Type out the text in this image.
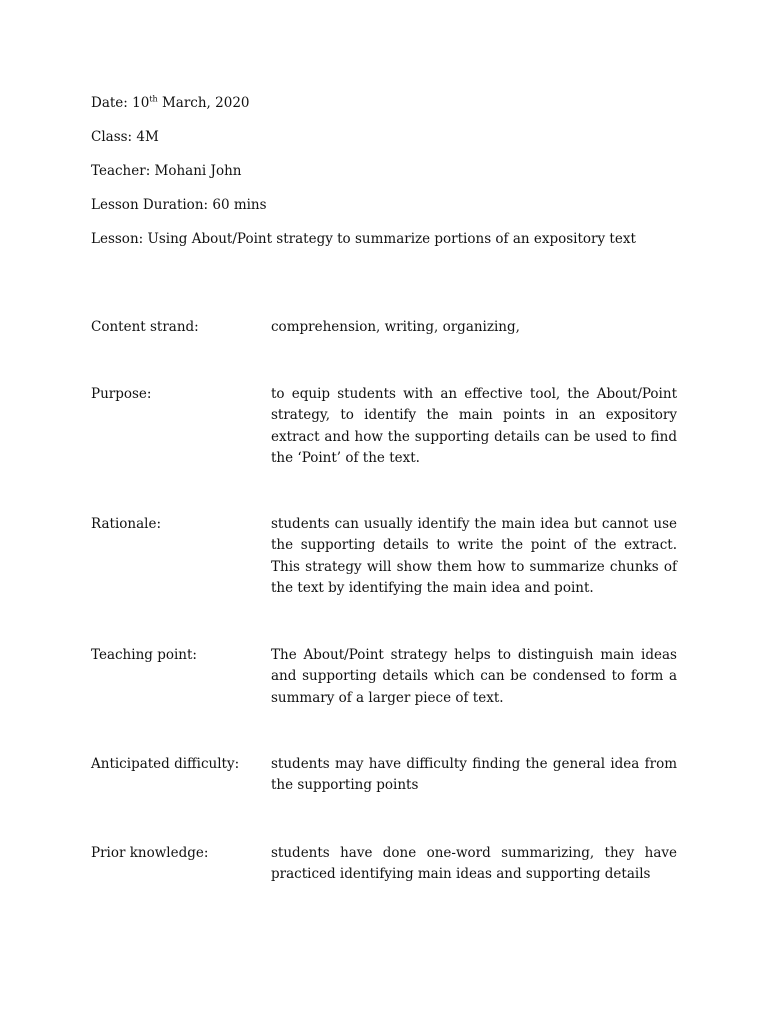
Date: 10th March, 2020
Class: 4M
Teacher: Mohani John
Lesson Duration: 60 mins
Lesson: Using About/Point strategy to summarize portions of an expository text
Content strand:	comprehension, writing, organizing,
Purpose:	to equip students with an effective tool, the About/Point strategy, to identify the main points in an expository extract and how the supporting details can be used to find the ‘Point’ of the text.
Rationale:	students can usually identify the main idea but cannot use the supporting details to write the point of the extract. This strategy will show them how to summarize chunks of the text by identifying the main idea and point.
Teaching point:	The About/Point strategy helps to distinguish main ideas and supporting details which can be condensed to form a summary of a larger piece of text.
Anticipated difficulty:	students may have difficulty finding the general idea from the supporting points
Prior knowledge:	students have done one-word summarizing, they have practiced identifying main ideas and supporting details
